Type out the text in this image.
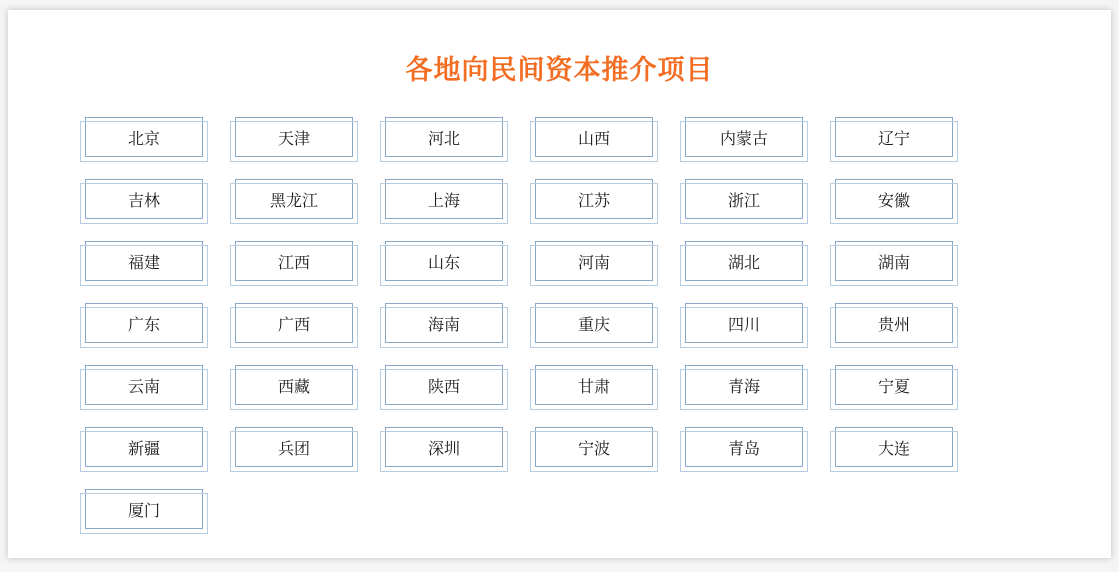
各地向民间资本推介项目
北京	天津	河北	山西	内蒙古	辽宁
吉林	黑龙江	上海	江苏	浙江	安徽
福建	江西	山东	河南	湖北	湖南
广东	广西	海南	重庆	四川	贵州
云南	西藏	陕西	甘肃	青海	宁夏
新疆	兵团	深圳	宁波	青岛	大连
厦门
